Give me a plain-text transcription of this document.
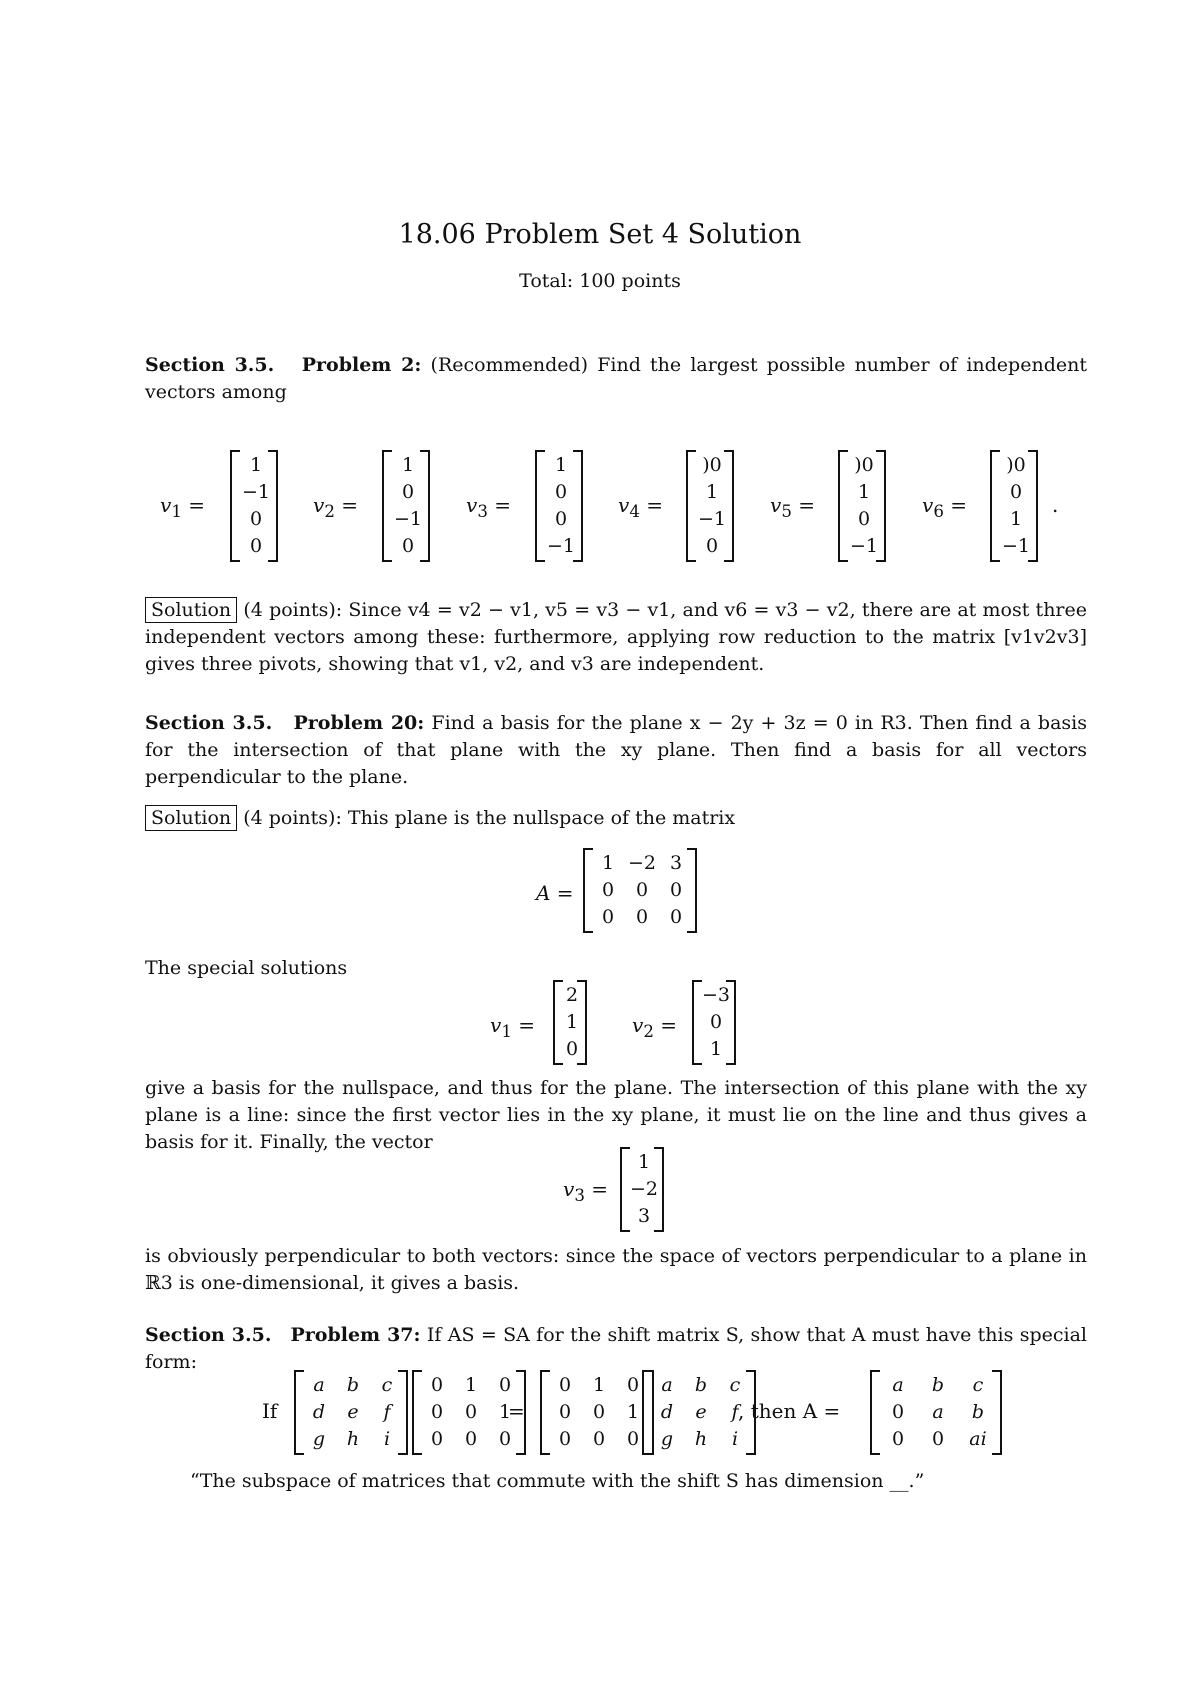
18.06 Problem Set 4 Solution
Total: 100 points
Section 3.5. Problem 2: (Recommended) Find the largest possible number of independent vectors among
$v_1$ =
1
−1
0
0
$v_2$ =
1
0
−1
0
$v_3$ =
1
0
0
−1
$v_4$ =
)0
1
−1
0
$v_5$ =
)0
1
0
−1
$v_6$ =
)0
0
1
−1
.
Solution (4 points): Since v4 = v2 − v1, v5 = v3 − v1, and v6 = v3 − v2, there are at most three independent vectors among these: furthermore, applying row reduction to the matrix [v1v2v3] gives three pivots, showing that v1, v2, and v3 are independent.
Section 3.5. Problem 20: Find a basis for the plane x − 2y + 3z = 0 in R3. Then find a basis for the intersection of that plane with the xy plane. Then find a basis for all vectors perpendicular to the plane.
Solution (4 points): This plane is the nullspace of the matrix
A =
1 −2 3
0	0	0
0	0	0
The special solutions
$v_1$ =
2
1
0
$v_2$ =
−3
0
1
give a basis for the nullspace, and thus for the plane. The intersection of this plane with the xy plane is a line: since the first vector lies in the xy plane, it must lie on the line and thus gives a basis for it. Finally, the vector
$v_3$ =
1
−2
3
is obviously perpendicular to both vectors: since the space of vectors perpendicular to a plane in ℝ3 is one-dimensional, it gives a basis.
Section 3.5. Problem 37: If AS = SA for the shift matrix S, show that A must have this special form:
If
a	b	c
d	e	f
g	h	i
0	1	0
0	0	1
0	0	0
=
0	1	0
0	0	1
0	0	0
a	b	c
d	e	f
g	h	i
, then A =
a	b	c
0	a	b
0	0	ai
“The subspace of matrices that commute with the shift S has dimension __.”
